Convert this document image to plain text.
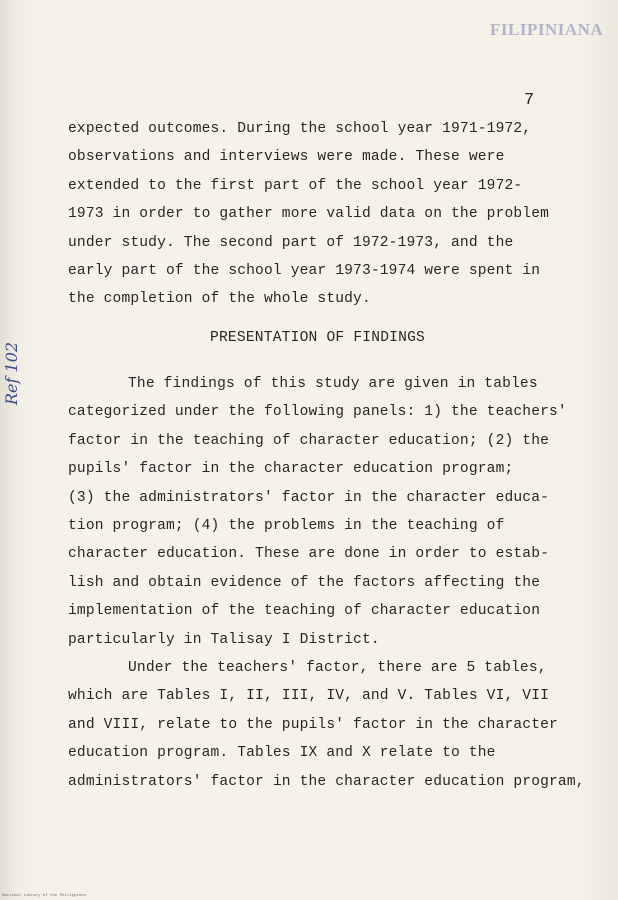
FILIPINIANA
7
expected outcomes. During the school year 1971-1972,
observations and interviews were made. These were
extended to the first part of the school year 1972-
1973 in order to gather more valid data on the problem
under study. The second part of 1972-1973, and the
early part of the school year 1973-1974 were spent in
the completion of the whole study.
PRESENTATION OF FINDINGS
Ref 102	The findings of this study are given in tables
categorized under the following panels: 1) the teachers'
factor in the teaching of character education; (2) the
pupils' factor in the character education program;
(3) the administrators' factor in the character educa-
tion program; (4) the problems in the teaching of
character education. These are done in order to estab-
lish and obtain evidence of the factors affecting the
implementation of the teaching of character education
particularly in Talisay I District.
Under the teachers' factor, there are 5 tables,
which are Tables I, II, III, IV, and V. Tables VI, VII
and VIII, relate to the pupils' factor in the character
education program. Tables IX and X relate to the
administrators' factor in the character education program,
National Library of the Philippines
